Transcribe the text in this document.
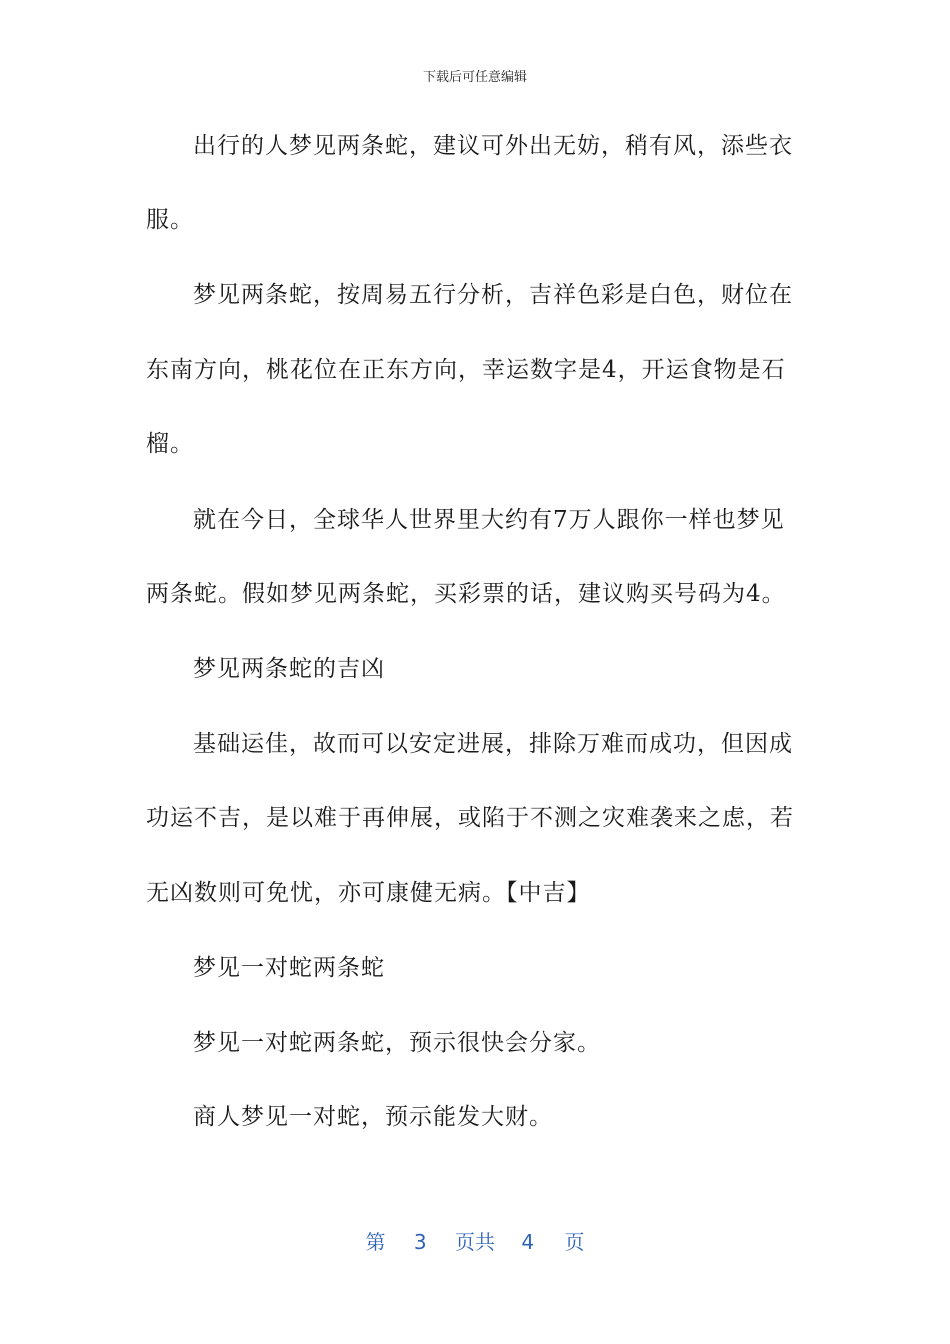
下载后可任意编辑
出行的人梦见两条蛇，建议可外出无妨，稍有风，添些衣
服。
梦见两条蛇，按周易五行分析，吉祥色彩是白色，财位在
东南方向，桃花位在正东方向，幸运数字是4，开运食物是石
榴。
就在今日，全球华人世界里大约有7万人跟你一样也梦见
两条蛇。假如梦见两条蛇，买彩票的话，建议购买号码为4。
梦见两条蛇的吉凶
基础运佳，故而可以安定进展，排除万难而成功，但因成
功运不吉，是以难于再伸展，或陷于不测之灾难袭来之虑，若
无凶数则可免忧，亦可康健无病。【中吉】
梦见一对蛇两条蛇
梦见一对蛇两条蛇，预示很快会分家。
商人梦见一对蛇，预示能发大财。
第 3 页共 4 页
